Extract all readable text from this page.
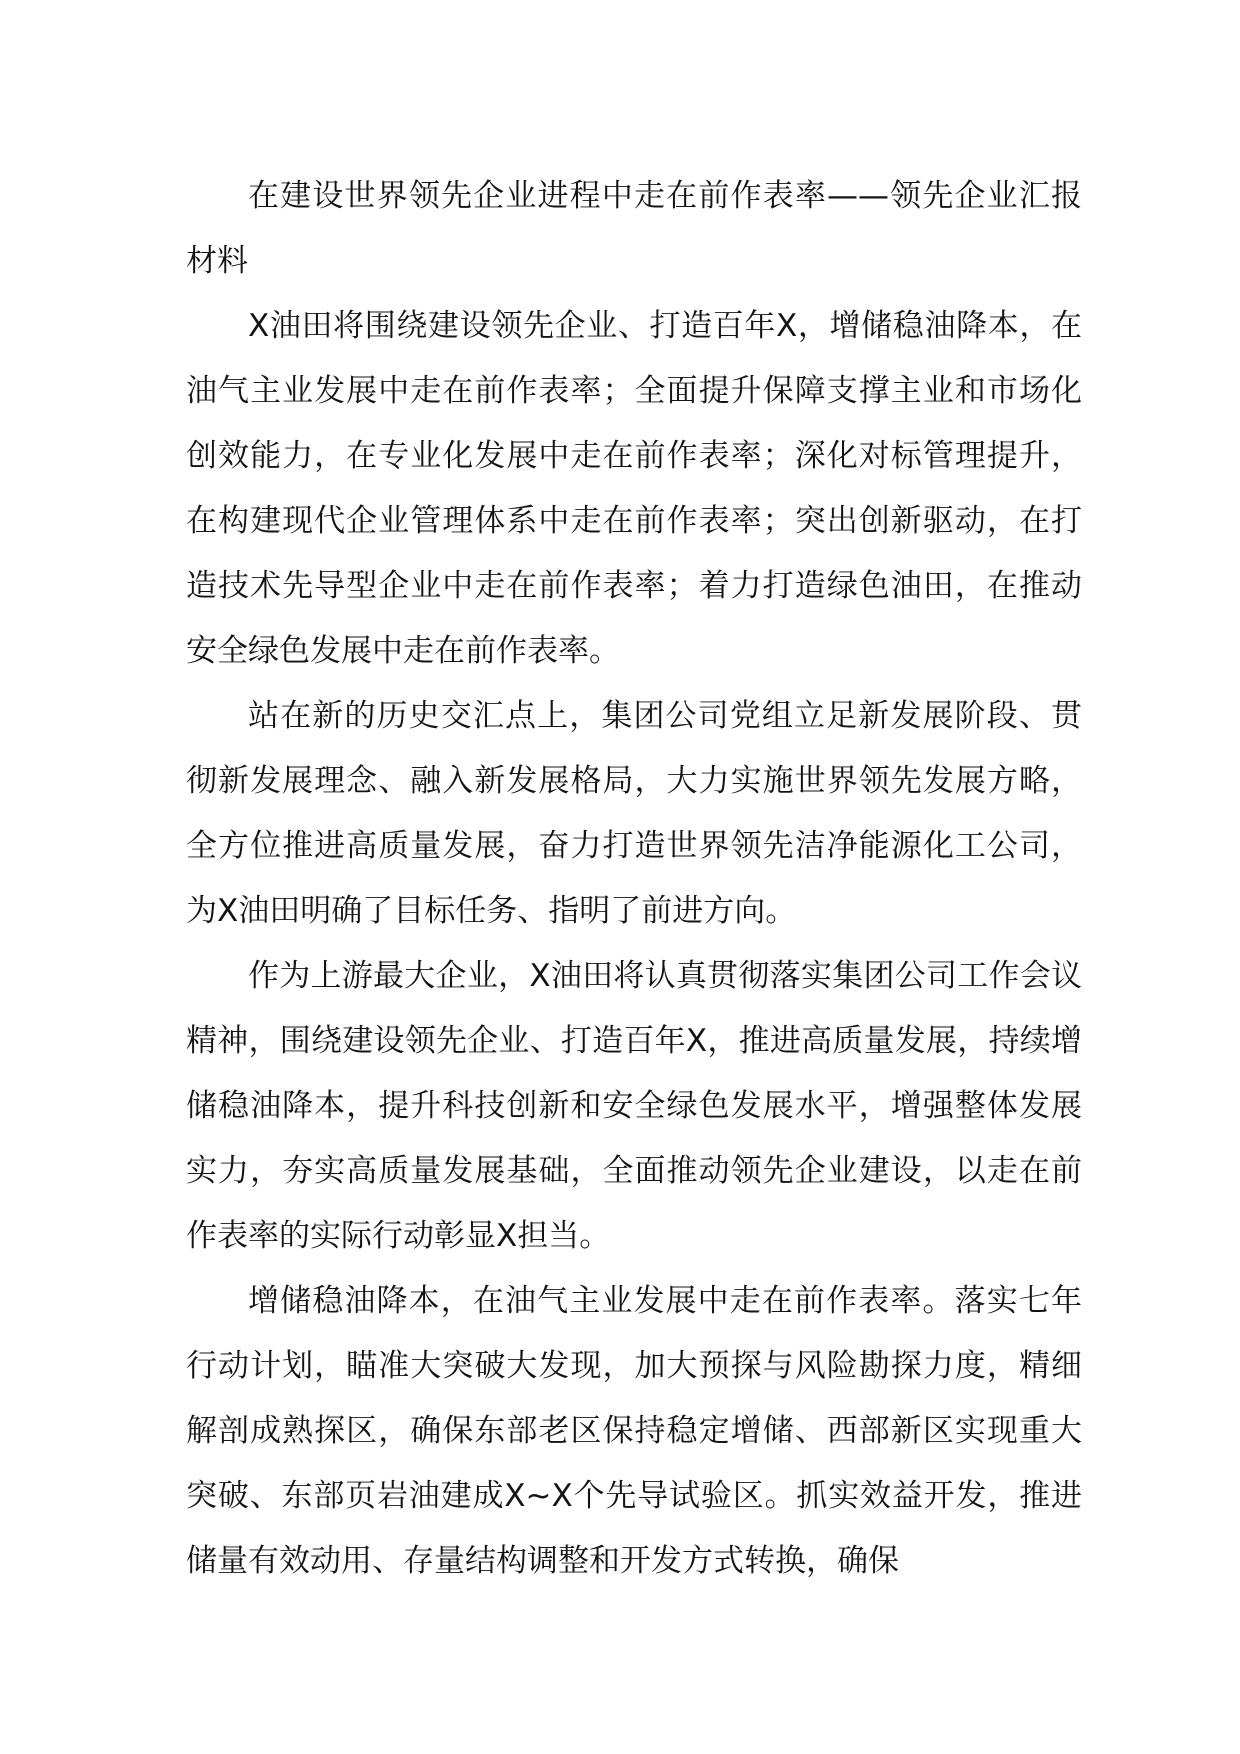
在建设世界领先企业进程中走在前作表率——领先企业汇报材料

X油田将围绕建设领先企业、打造百年X，增储稳油降本，在油气主业发展中走在前作表率；全面提升保障支撑主业和市场化创效能力，在专业化发展中走在前作表率；深化对标管理提升，在构建现代企业管理体系中走在前作表率；突出创新驱动，在打造技术先导型企业中走在前作表率；着力打造绿色油田，在推动安全绿色发展中走在前作表率。

站在新的历史交汇点上，集团公司党组立足新发展阶段、贯彻新发展理念、融入新发展格局，大力实施世界领先发展方略，全方位推进高质量发展，奋力打造世界领先洁净能源化工公司，为X油田明确了目标任务、指明了前进方向。

作为上游最大企业，X油田将认真贯彻落实集团公司工作会议精神，围绕建设领先企业、打造百年X，推进高质量发展，持续增储稳油降本，提升科技创新和安全绿色发展水平，增强整体发展实力，夯实高质量发展基础，全面推动领先企业建设，以走在前作表率的实际行动彰显X担当。

增储稳油降本，在油气主业发展中走在前作表率。落实七年行动计划，瞄准大突破大发现，加大预探与风险勘探力度，精细解剖成熟探区，确保东部老区保持稳定增储、西部新区实现重大突破、东部页岩油建成X~X个先导试验区。抓实效益开发，推进储量有效动用、存量结构调整和开发方式转换，确保
